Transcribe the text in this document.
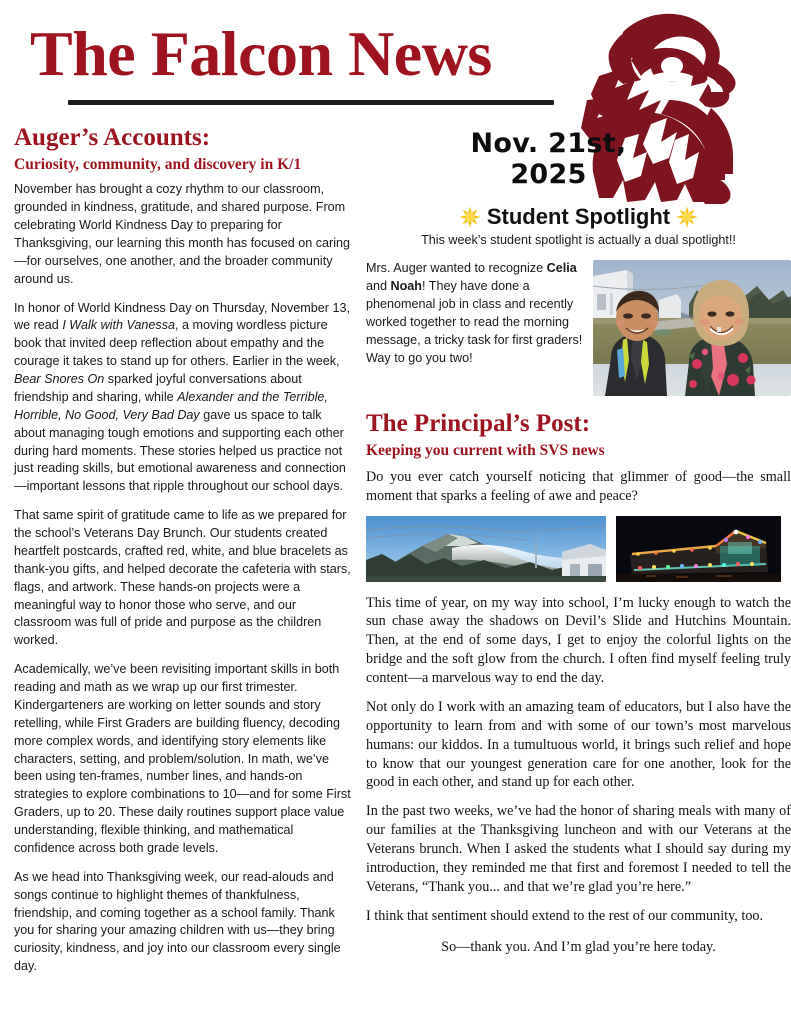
The Falcon News
Auger’s Accounts:
Curiosity, community, and discovery in K/1

November has brought a cozy rhythm to our classroom, grounded in kindness, gratitude, and shared purpose. From celebrating World Kindness Day to preparing for Thanksgiving, our learning this month has focused on caring—for ourselves, one another, and the broader community around us.

In honor of World Kindness Day on Thursday, November 13, we read I Walk with Vanessa, a moving wordless picture book that invited deep reflection about empathy and the courage it takes to stand up for others. Earlier in the week, Bear Snores On sparked joyful conversations about friendship and sharing, while Alexander and the Terrible, Horrible, No Good, Very Bad Day gave us space to talk about managing tough emotions and supporting each other during hard moments. These stories helped us practice not just reading skills, but emotional awareness and connection—important lessons that ripple throughout our school days.

That same spirit of gratitude came to life as we prepared for the school’s Veterans Day Brunch. Our students created heartfelt postcards, crafted red, white, and blue bracelets as thank-you gifts, and helped decorate the cafeteria with stars, flags, and artwork. These hands-on projects were a meaningful way to honor those who serve, and our classroom was full of pride and purpose as the children worked.

Academically, we’ve been revisiting important skills in both reading and math as we wrap up our first trimester. Kindergarteners are working on letter sounds and story retelling, while First Graders are building fluency, decoding more complex words, and identifying story elements like characters, setting, and problem/solution. In math, we’ve been using ten-frames, number lines, and hands-on strategies to explore combinations to 10—and for some First Graders, up to 20. These daily routines support place value understanding, flexible thinking, and mathematical confidence across both grade levels.

As we head into Thanksgiving week, our read-alouds and songs continue to highlight themes of thankfulness, friendship, and coming together as a school family. Thank you for sharing your amazing children with us—they bring curiosity, kindness, and joy into our classroom every single day.

Nov. 21st,
2025
Student Spotlight
This week’s student spotlight is actually a dual spotlight!!
Mrs. Auger wanted to recognize Celia and Noah! They have done a phenomenal job in class and recently worked together to read the morning message, a tricky task for first graders! Way to go you two!
The Principal’s Post:
Keeping you current with SVS news

Do you ever catch yourself noticing that glimmer of good—the small moment that sparks a feeling of awe and peace?

This time of year, on my way into school, I’m lucky enough to watch the sun chase away the shadows on Devil’s Slide and Hutchins Mountain. Then, at the end of some days, I get to enjoy the colorful lights on the bridge and the soft glow from the church. I often find myself feeling truly content—a marvelous way to end the day.

Not only do I work with an amazing team of educators, but I also have the opportunity to learn from and with some of our town’s most marvelous humans: our kiddos. In a tumultuous world, it brings such relief and hope to know that our youngest generation care for one another, look for the good in each other, and stand up for each other.

In the past two weeks, we’ve had the honor of sharing meals with many of our families at the Thanksgiving luncheon and with our Veterans at the Veterans brunch. When I asked the students what I should say during my introduction, they reminded me that first and foremost I needed to tell the Veterans, “Thank you... and that we’re glad you’re here.”

I think that sentiment should extend to the rest of our community, too.

So—thank you. And I’m glad you’re here today.
